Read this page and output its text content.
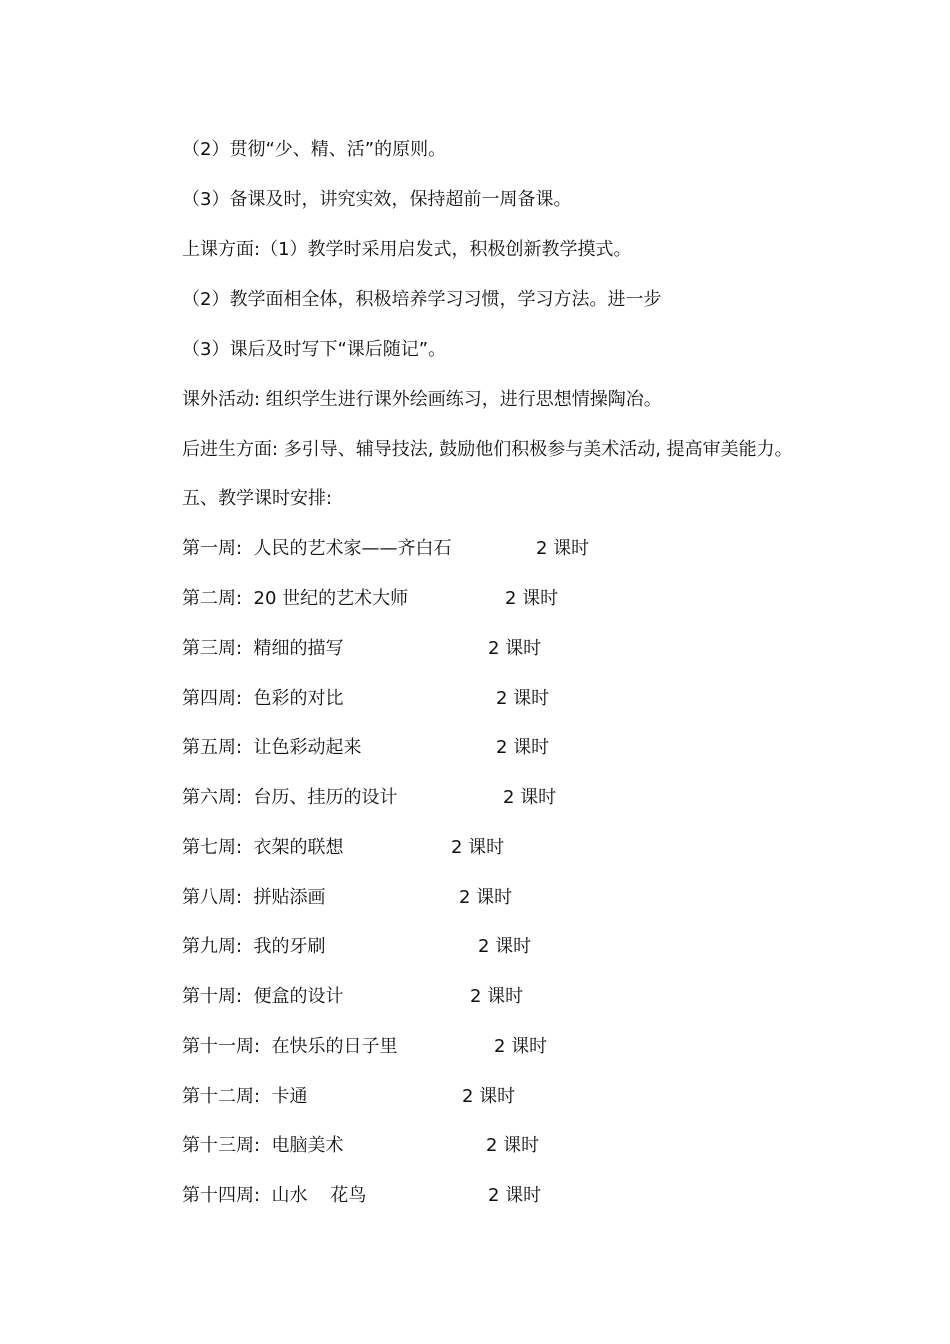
（2）贯彻“少、精、活”的原则。
（3）备课及时，讲究实效，保持超前一周备课。
上课方面:（1）教学时采用启发式，积极创新教学摸式。
（2）教学面相全体，积极培养学习习惯，学习方法。进一步
（3）课后及时写下“课后随记”。
课外活动: 组织学生进行课外绘画练习，进行思想情操陶冶。
后进生方面: 多引导、辅导技法, 鼓励他们积极参与美术活动, 提高审美能力。
五、教学课时安排:
第一周:  人民的艺术家——齐白石	2 课时
第二周:  20 世纪的艺术大师	2 课时
第三周:  精细的描写	2 课时
第四周:  色彩的对比	2 课时
第五周:  让色彩动起来	2 课时
第六周:  台历、挂历的设计	2 课时
第七周:  衣架的联想	2 课时
第八周:  拼贴添画	2 课时
第九周:  我的牙刷	2 课时
第十周:  便盒的设计	2 课时
第十一周:  在快乐的日子里	2 课时
第十二周:  卡通	2 课时
第十三周:  电脑美术	2 课时
第十四周:  山水    花鸟	2 课时
